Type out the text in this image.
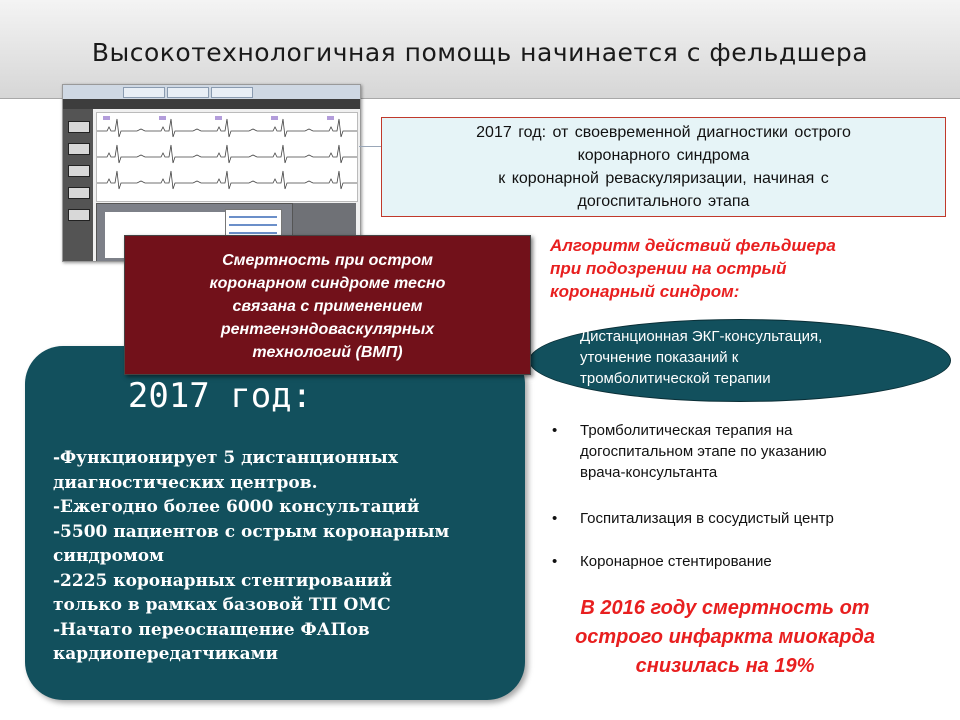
Высокотехнологичная помощь начинается с фельдшера
2017 год: от своевременной диагностики острого
коронарного синдрома
к коронарной реваскуляризации, начиная с
догоспитального этапа
Алгоритм действий фельдшера
при подозрении на острый
коронарный синдром:
•	Дистанционная ЭКГ-консультация,
уточнение показаний к
тромболитической терапии
•	Тромболитическая терапия на
догоспитальном этапе по указанию
врача-консультанта
•	Госпитализация в сосудистый центр
•	Коронарное стентирование
2017 год:
-Функционирует 5 дистанционных
диагностических центров.
-Ежегодно более 6000 консультаций
-5500 пациентов с острым коронарным
синдромом
-2225 коронарных стентирований
только в рамках базовой ТП ОМС
-Начато переоснащение ФАПов
кардиопередатчиками
Смертность при остром
коронарном синдроме тесно
связана с применением
рентгенэндоваскулярных
технологий (ВМП)
В 2016 году смертность от
острого инфаркта миокарда
снизилась на 19%
